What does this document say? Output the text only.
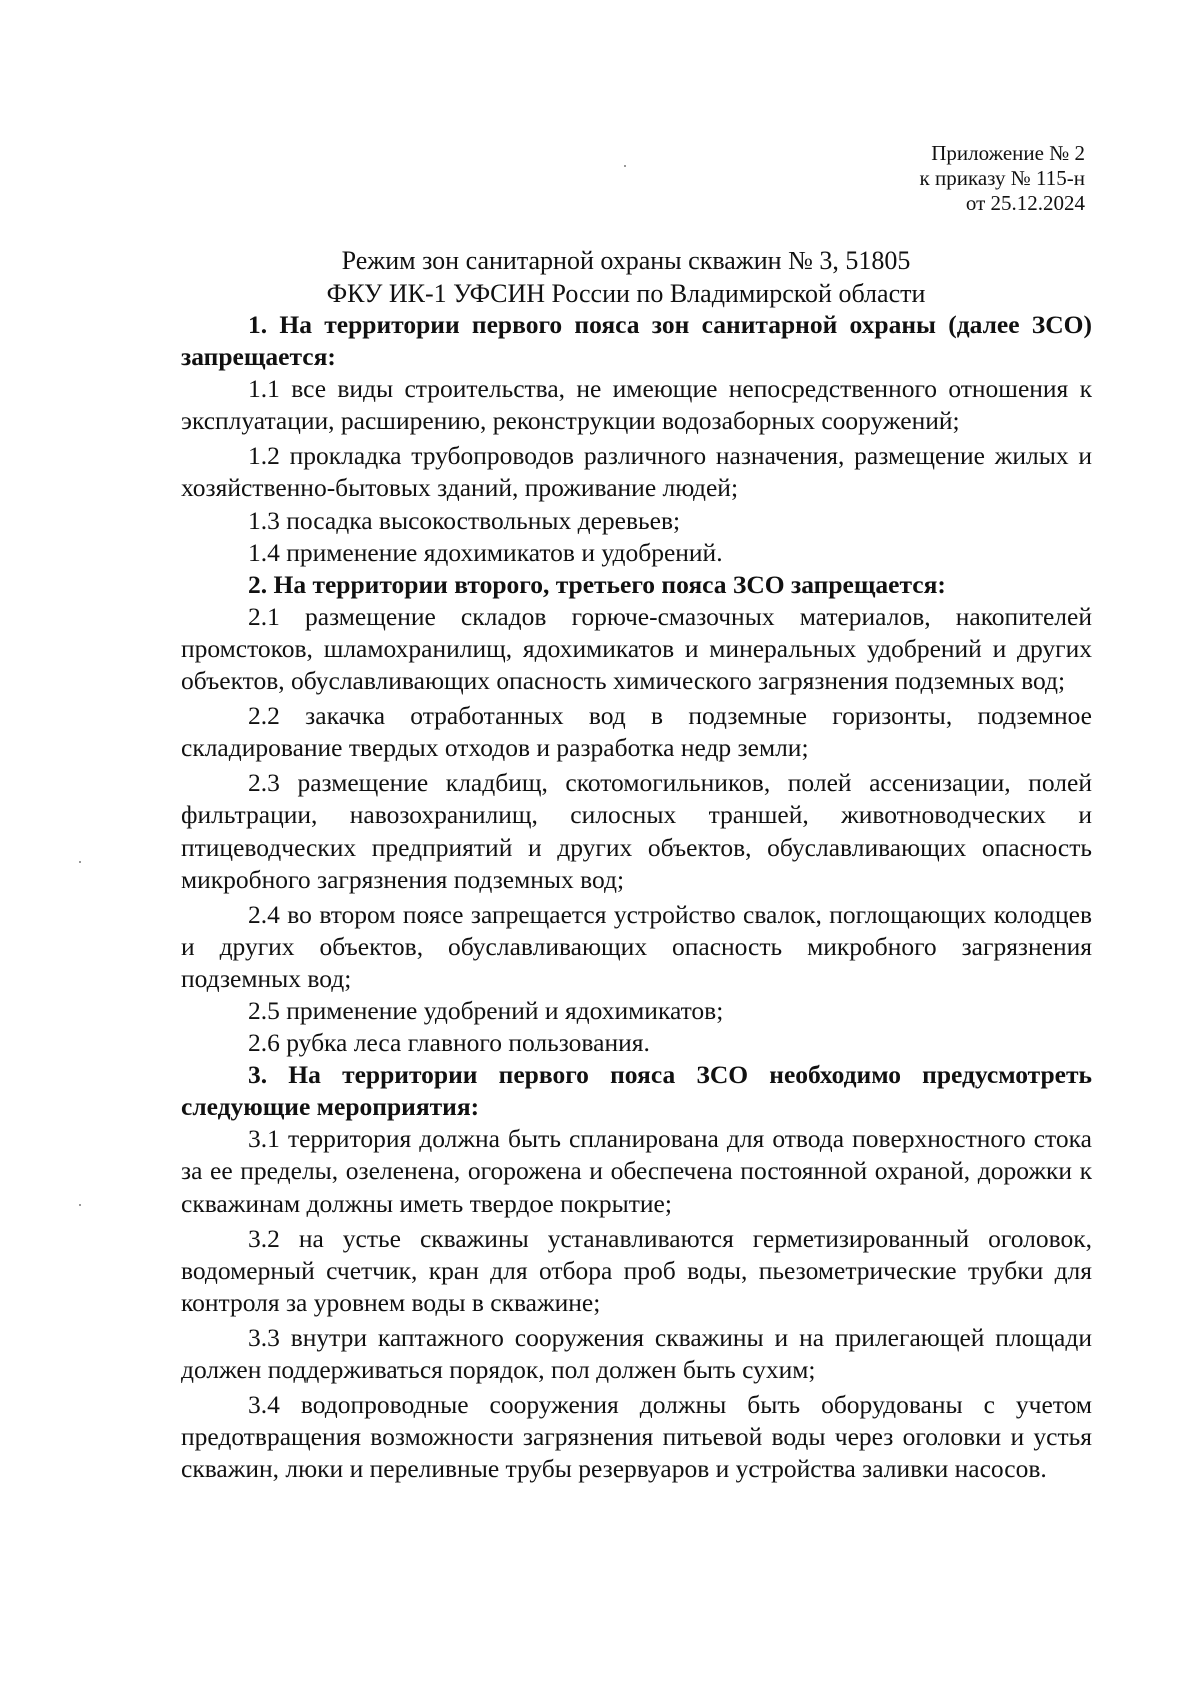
Приложение № 2
к приказу № 115-н
от 25.12.2024
Режим зон санитарной охраны скважин № 3, 51805
ФКУ ИК-1 УФСИН России по Владимирской области

1. На территории первого пояса зон санитарной охраны (далее ЗСО) запрещается:

1.1 все виды строительства, не имеющие непосредственного отношения к эксплуатации, расширению, реконструкции водозаборных сооружений;

1.2 прокладка трубопроводов различного назначения, размещение жилых и хозяйственно-бытовых зданий, проживание людей;

1.3 посадка высокоствольных деревьев;

1.4 применение ядохимикатов и удобрений.

2. На территории второго, третьего пояса ЗСО запрещается:

2.1 размещение складов горюче-смазочных материалов, накопителей промстоков, шламохранилищ, ядохимикатов и минеральных удобрений и других объектов, обуславливающих опасность химического загрязнения подземных вод;

2.2 закачка отработанных вод в подземные горизонты, подземное складирование твердых отходов и разработка недр земли;

2.3 размещение кладбищ, скотомогильников, полей ассенизации, полей фильтрации, навозохранилищ, силосных траншей, животноводческих и птицеводческих предприятий и других объектов, обуславливающих опасность микробного загрязнения подземных вод;

2.4 во втором поясе запрещается устройство свалок, поглощающих колодцев и других объектов, обуславливающих опасность микробного загрязнения подземных вод;

2.5 применение удобрений и ядохимикатов;

2.6 рубка леса главного пользования.

3. На территории первого пояса ЗСО необходимо предусмотреть следующие мероприятия:

3.1 территория должна быть спланирована для отвода поверхностного стока за ее пределы, озеленена, огорожена и обеспечена постоянной охраной, дорожки к скважинам должны иметь твердое покрытие;

3.2 на устье скважины устанавливаются герметизированный оголовок, водомерный счетчик, кран для отбора проб воды, пьезометрические трубки для контроля за уровнем воды в скважине;

3.3 внутри каптажного сооружения скважины и на прилегающей площади должен поддерживаться порядок, пол должен быть сухим;

3.4 водопроводные сооружения должны быть оборудованы с учетом предотвращения возможности загрязнения питьевой воды через оголовки и устья скважин, люки и переливные трубы резервуаров и устройства заливки насосов.
